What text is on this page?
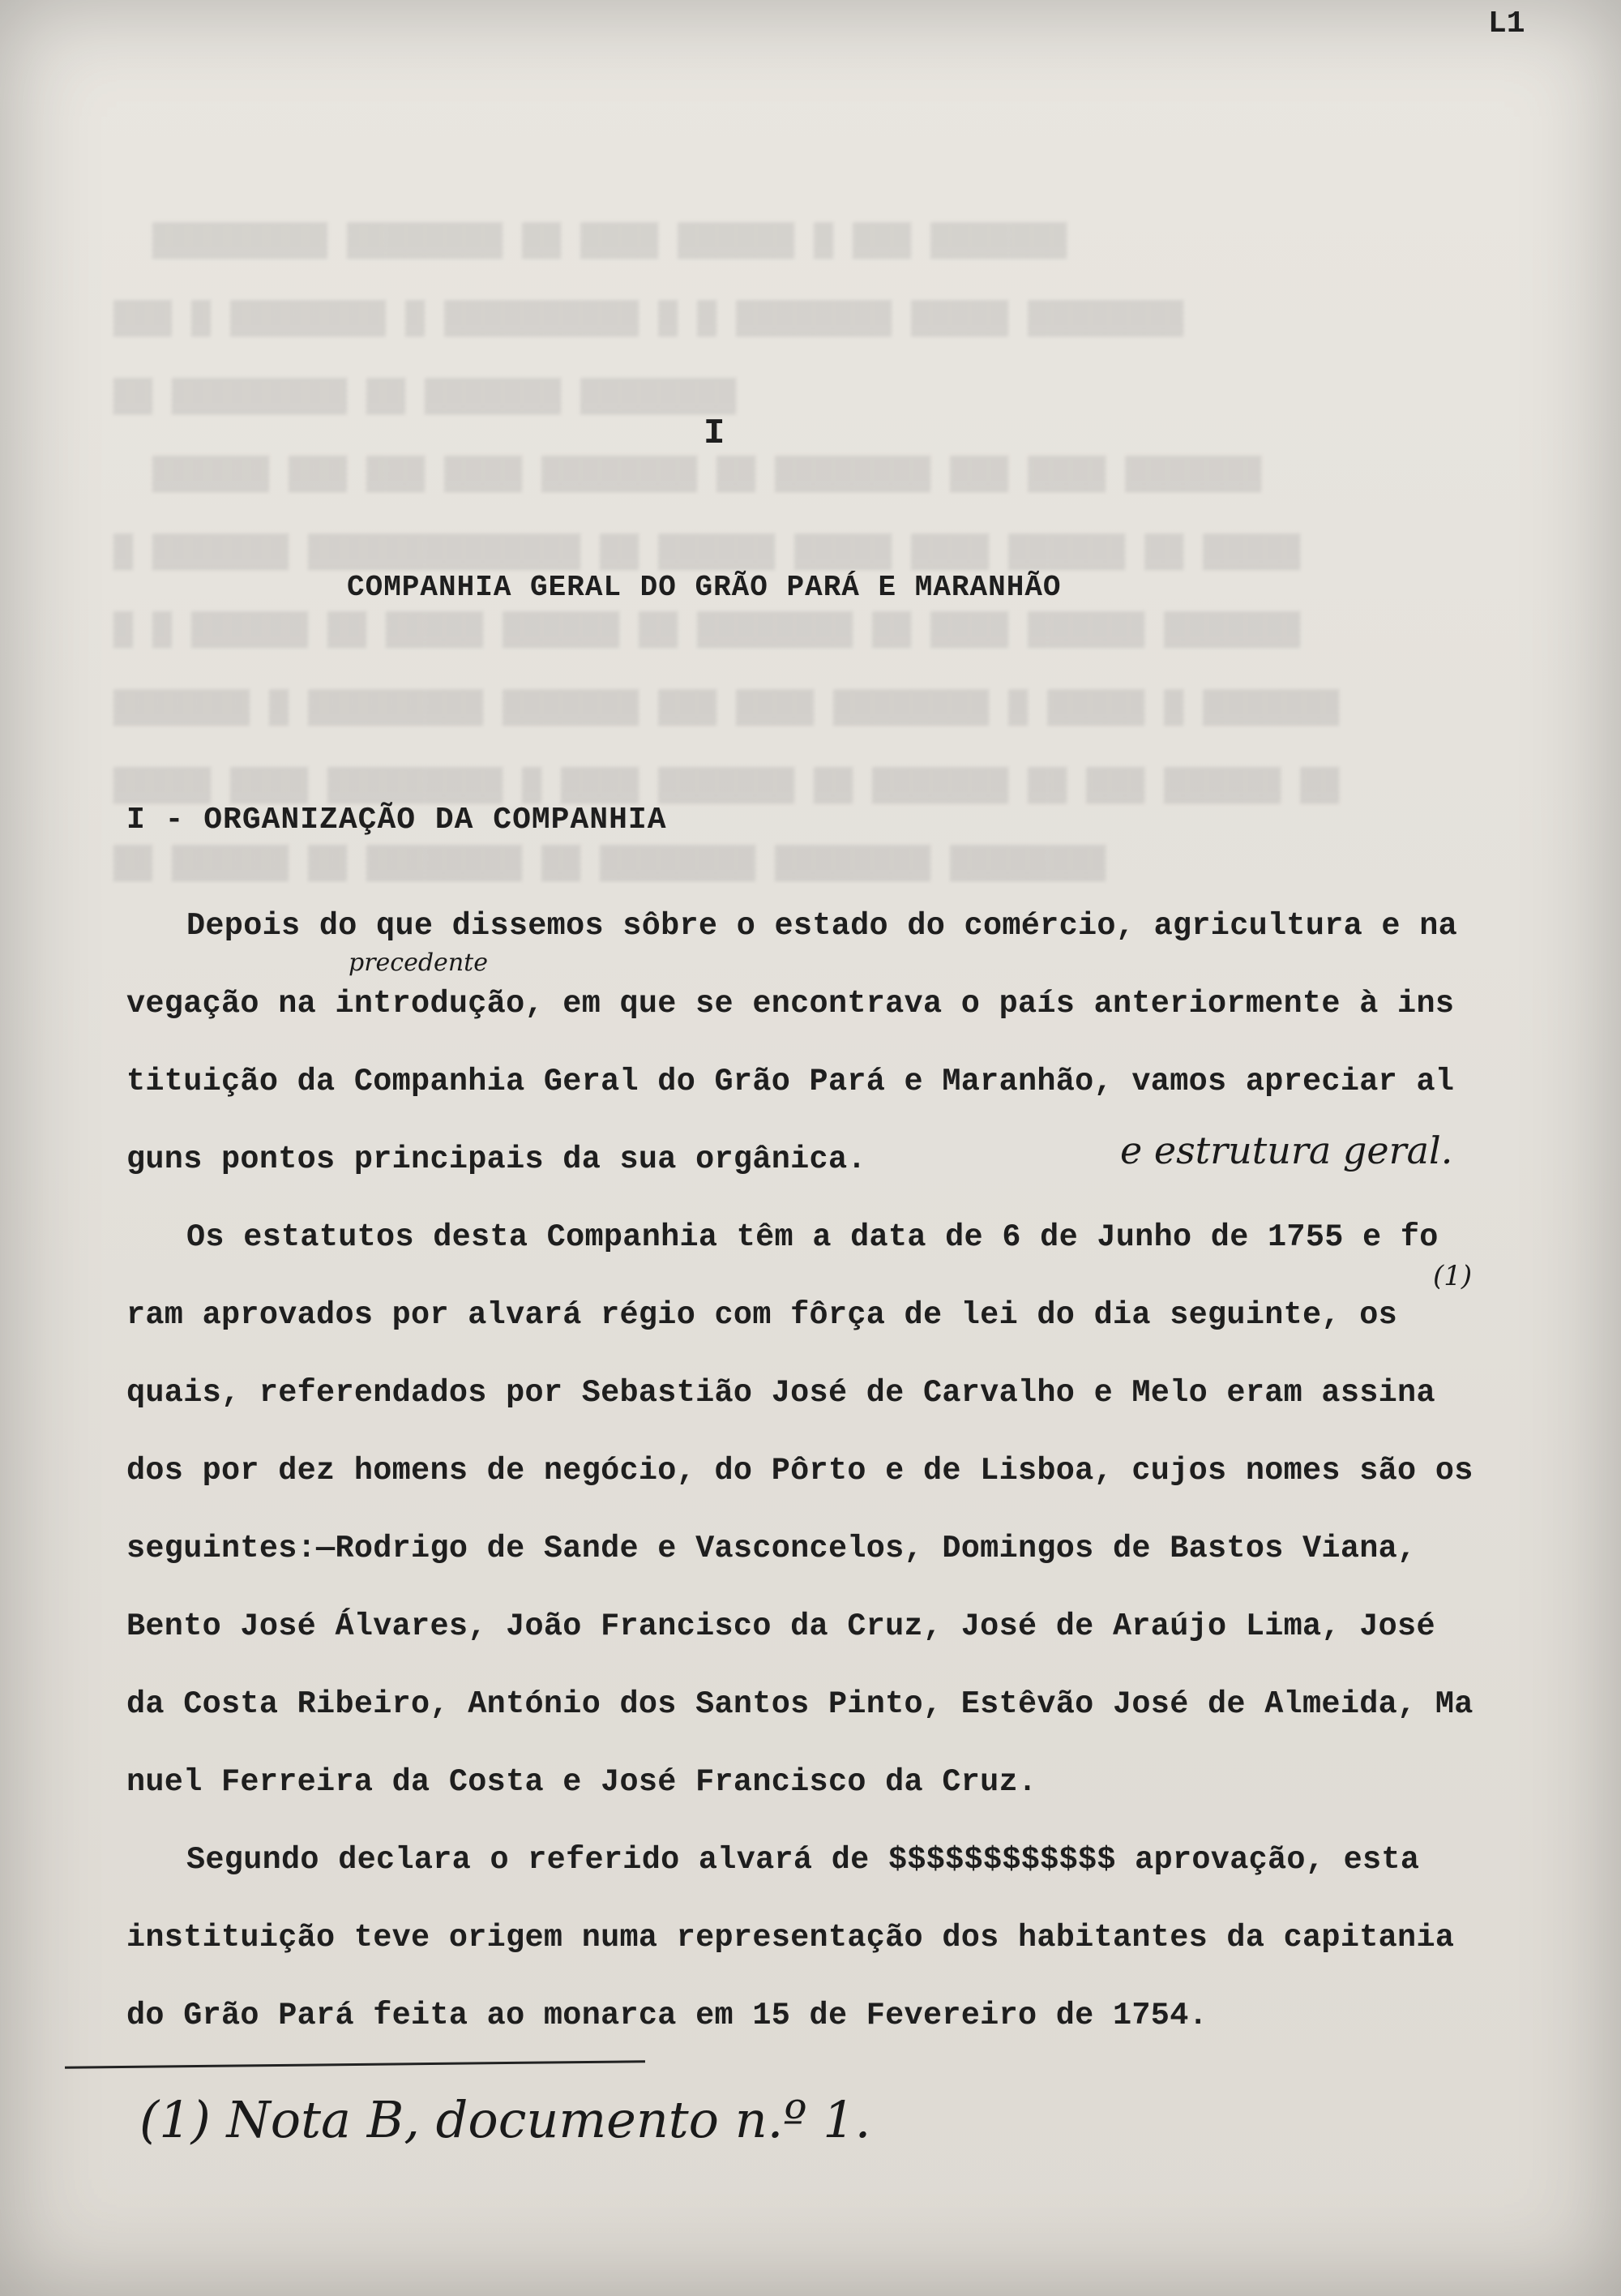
▓▓▓▓▓▓▓▓▓ ▓▓▓▓▓▓▓▓ ▓▓ ▓▓▓▓ ▓▓▓▓▓▓ ▓ ▓▓▓ ▓▓▓▓▓▓▓
▓▓▓ ▓ ▓▓▓▓▓▓▓▓ ▓ ▓▓▓▓▓▓▓▓▓▓ ▓ ▓ ▓▓▓▓▓▓▓▓ ▓▓▓▓▓ ▓▓▓▓▓▓▓▓
▓▓ ▓▓▓▓▓▓▓▓▓ ▓▓ ▓▓▓▓▓▓▓ ▓▓▓▓▓▓▓▓
▓▓▓▓▓▓ ▓▓▓ ▓▓▓ ▓▓▓▓ ▓▓▓▓▓▓▓▓ ▓▓ ▓▓▓▓▓▓▓▓ ▓▓▓ ▓▓▓▓ ▓▓▓▓▓▓▓
▓ ▓▓▓▓▓▓▓ ▓▓▓▓▓▓▓▓▓▓▓▓▓▓ ▓▓ ▓▓▓▓▓▓ ▓▓▓▓▓ ▓▓▓▓ ▓▓▓▓▓▓ ▓▓ ▓▓▓▓▓
▓ ▓ ▓▓▓▓▓▓ ▓▓ ▓▓▓▓▓ ▓▓▓▓▓▓ ▓▓ ▓▓▓▓▓▓▓▓ ▓▓ ▓▓▓▓ ▓▓▓▓▓▓ ▓▓▓▓▓▓▓
▓▓▓▓▓▓▓ ▓ ▓▓▓▓▓▓▓▓▓ ▓▓▓▓▓▓▓ ▓▓▓ ▓▓▓▓ ▓▓▓▓▓▓▓▓ ▓ ▓▓▓▓▓ ▓ ▓▓▓▓▓▓▓
▓▓▓▓▓ ▓▓▓▓ ▓▓▓▓▓▓▓▓▓ ▓ ▓▓▓▓ ▓▓▓▓▓▓▓ ▓▓ ▓▓▓▓▓▓▓ ▓▓ ▓▓▓ ▓▓▓▓▓▓ ▓▓
▓▓ ▓▓▓▓▓▓ ▓▓ ▓▓▓▓▓▓▓▓ ▓▓ ▓▓▓▓▓▓▓▓ ▓▓▓▓▓▓▓▓ ▓▓▓▓▓▓▓▓
L1
I
COMPANHIA GERAL DO GRÃO PARÁ E MARANHÃO
I - ORGANIZAÇÃO DA COMPANHIA
Depois do que dissemos sôbre o estado do comércio, agricultura e na
vegação na introdução, em que se encontrava o país anteriormente à ins
tituição da Companhia Geral do Grão Pará e Maranhão, vamos apreciar al
guns pontos principais da sua orgânica.
Os estatutos desta Companhia têm a data de 6 de Junho de 1755 e fo
ram aprovados por alvará régio com fôrça de lei do dia seguinte, os
quais, referendados por Sebastião José de Carvalho e Melo eram assina
dos por dez homens de negócio, do Pôrto e de Lisboa, cujos nomes são os
seguintes:—Rodrigo de Sande e Vasconcelos, Domingos de Bastos Viana,
Bento José Álvares, João Francisco da Cruz, José de Araújo Lima, José
da Costa Ribeiro, António dos Santos Pinto, Estêvão José de Almeida, Ma
nuel Ferreira da Costa e José Francisco da Cruz.
Segundo declara o referido alvará de $$$$$$$$$$$$ aprovação, esta
instituição teve origem numa representação dos habitantes da capitania
do Grão Pará feita ao monarca em 15 de Fevereiro de 1754.
precedente
e estrutura geral.
(1)
(1) Nota B, documento n.º 1.
